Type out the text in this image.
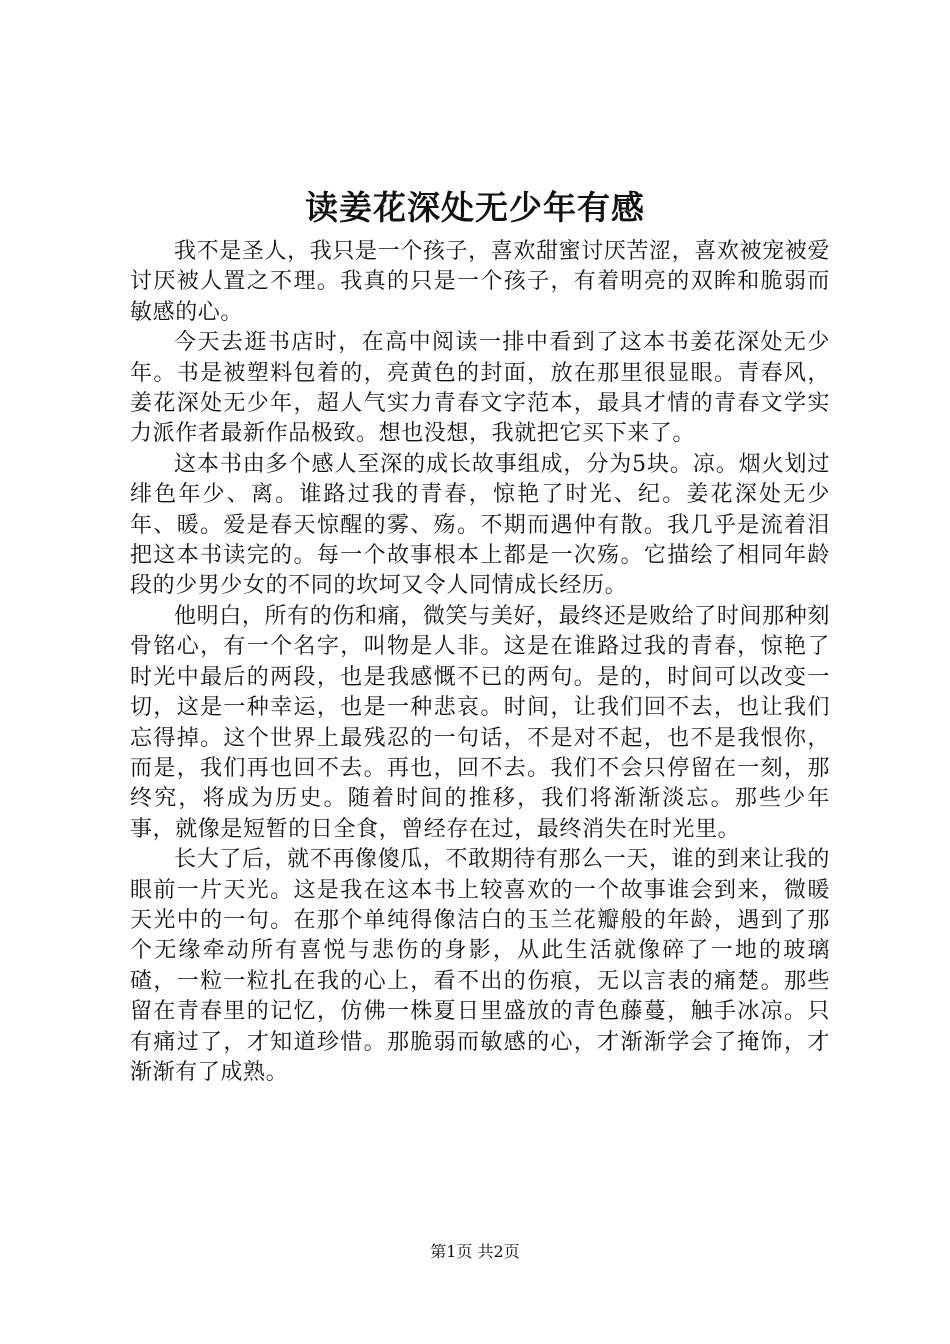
读姜花深处无少年有感

我不是圣人，我只是一个孩子，喜欢甜蜜讨厌苦涩，喜欢被宠被爱讨厌被人置之不理。我真的只是一个孩子，有着明亮的双眸和脆弱而敏感的心。

今天去逛书店时，在高中阅读一排中看到了这本书姜花深处无少年。书是被塑料包着的，亮黄色的封面，放在那里很显眼。青春风，姜花深处无少年，超人气实力青春文字范本，最具才情的青春文学实力派作者最新作品极致。想也没想，我就把它买下来了。

这本书由多个感人至深的成长故事组成，分为5块。凉。烟火划过绯色年少、离。谁路过我的青春，惊艳了时光、纪。姜花深处无少年、暖。爱是春天惊醒的雾、殇。不期而遇仲有散。我几乎是流着泪把这本书读完的。每一个故事根本上都是一次殇。它描绘了相同年龄段的少男少女的不同的坎坷又令人同情成长经历。

他明白，所有的伤和痛，微笑与美好，最终还是败给了时间那种刻骨铭心，有一个名字，叫物是人非。这是在谁路过我的青春，惊艳了时光中最后的两段，也是我感慨不已的两句。是的，时间可以改变一切，这是一种幸运，也是一种悲哀。时间，让我们回不去，也让我们忘得掉。这个世界上最残忍的一句话，不是对不起，也不是我恨你，而是，我们再也回不去。再也，回不去。我们不会只停留在一刻，那终究，将成为历史。随着时间的推移，我们将渐渐淡忘。那些少年事，就像是短暂的日全食，曾经存在过，最终消失在时光里。

长大了后，就不再像傻瓜，不敢期待有那么一天，谁的到来让我的眼前一片天光。这是我在这本书上较喜欢的一个故事谁会到来，微暖天光中的一句。在那个单纯得像洁白的玉兰花瓣般的年龄，遇到了那个无缘牵动所有喜悦与悲伤的身影，从此生活就像碎了一地的玻璃碴，一粒一粒扎在我的心上，看不出的伤痕，无以言表的痛楚。那些留在青春里的记忆，仿佛一株夏日里盛放的青色藤蔓，触手冰凉。只有痛过了，才知道珍惜。那脆弱而敏感的心，才渐渐学会了掩饰，才渐渐有了成熟。

第1页 共2页
